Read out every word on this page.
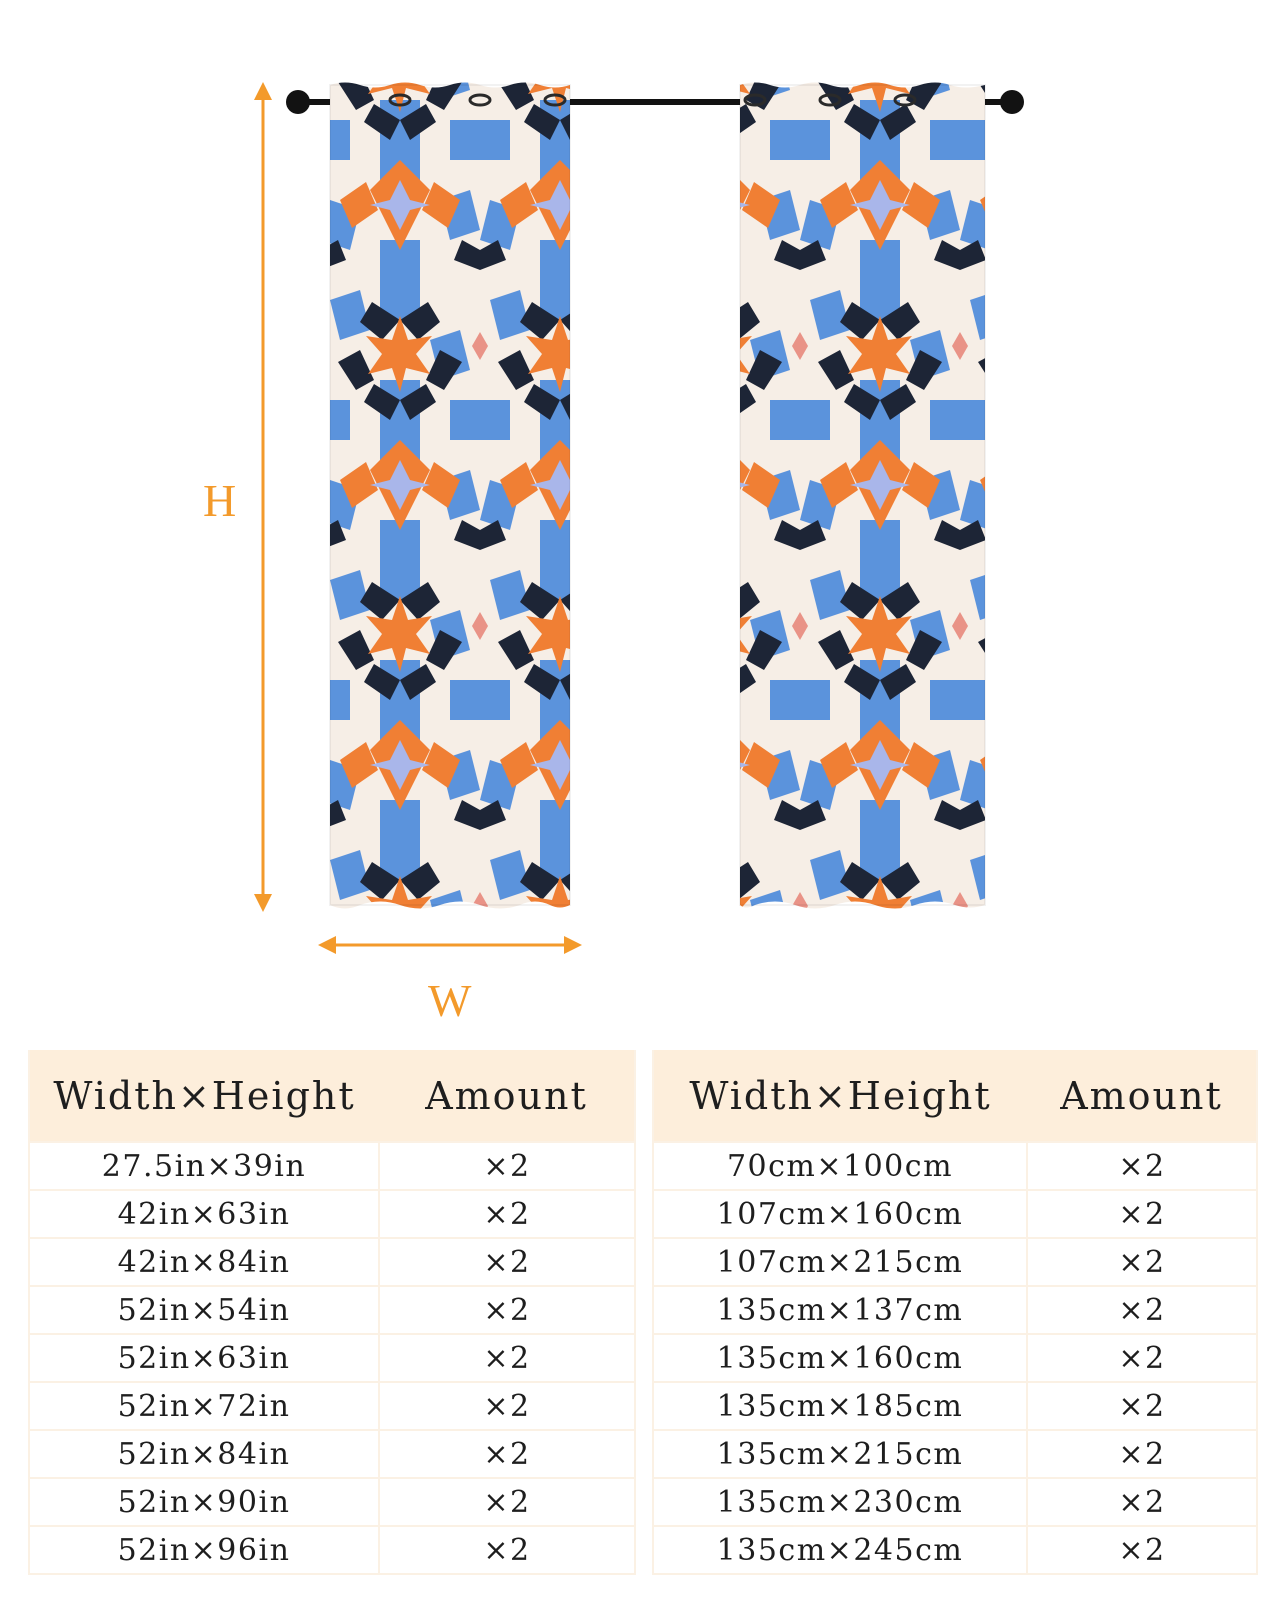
H
W
Width×Height	Amount
27.5in×39in	×2
42in×63in	×2
42in×84in	×2
52in×54in	×2
52in×63in	×2
52in×72in	×2
52in×84in	×2
52in×90in	×2
52in×96in	×2
Width×Height	Amount
70cm×100cm	×2
107cm×160cm	×2
107cm×215cm	×2
135cm×137cm	×2
135cm×160cm	×2
135cm×185cm	×2
135cm×215cm	×2
135cm×230cm	×2
135cm×245cm	×2
